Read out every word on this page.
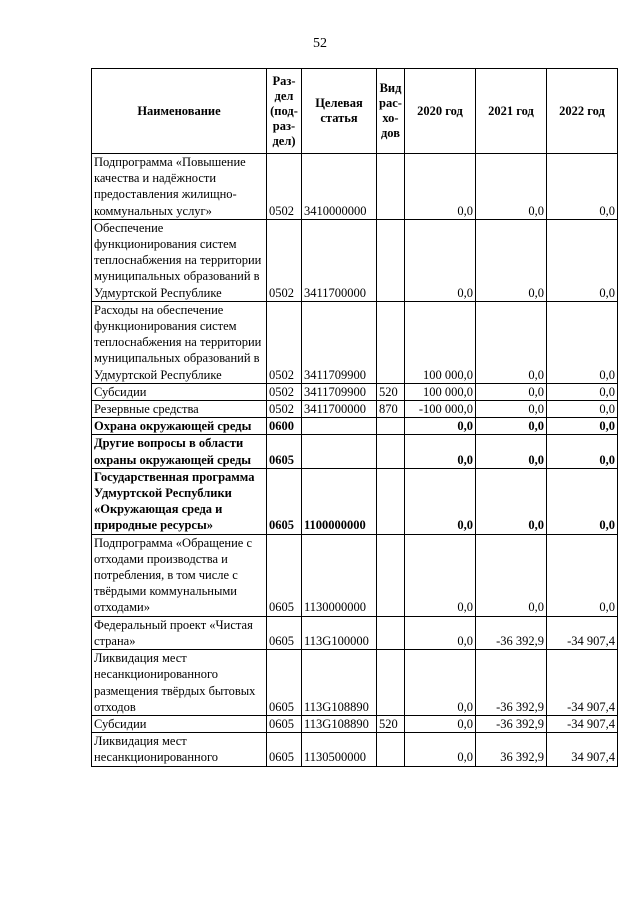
52
Наименование	Раз-дел (под-раз-дел)	Целевая статья	Вид рас-хо-дов	2020 год	2021 год	2022 год
Подпрограмма «Повышение качества и надёжности предоставления жилищно-коммунальных услуг»	0502	3410000000		0,0	0,0	0,0
Обеспечение функционирования систем теплоснабжения на территории муниципальных образований в Удмуртской Республике	0502	3411700000		0,0	0,0	0,0
Расходы на обеспечение функционирования систем теплоснабжения на территории муниципальных образований в Удмуртской Республике	0502	3411709900		100 000,0	0,0	0,0
Субсидии	0502	3411709900	520	100 000,0	0,0	0,0
Резервные средства	0502	3411700000	870	-100 000,0	0,0	0,0
Охрана окружающей среды	0600			0,0	0,0	0,0
Другие вопросы в области охраны окружающей среды	0605			0,0	0,0	0,0
Государственная программа Удмуртской Республики «Окружающая среда и природные ресурсы»	0605	1100000000		0,0	0,0	0,0
Подпрограмма «Обращение с отходами производства и потребления, в том числе с твёрдыми коммунальными отходами»	0605	1130000000		0,0	0,0	0,0
Федеральный проект «Чистая страна»	0605	113G100000		0,0	-36 392,9	-34 907,4
Ликвидация мест несанкционированного размещения твёрдых бытовых отходов	0605	113G108890		0,0	-36 392,9	-34 907,4
Субсидии	0605	113G108890	520	0,0	-36 392,9	-34 907,4
Ликвидация мест несанкционированного	0605	1130500000		0,0	36 392,9	34 907,4
